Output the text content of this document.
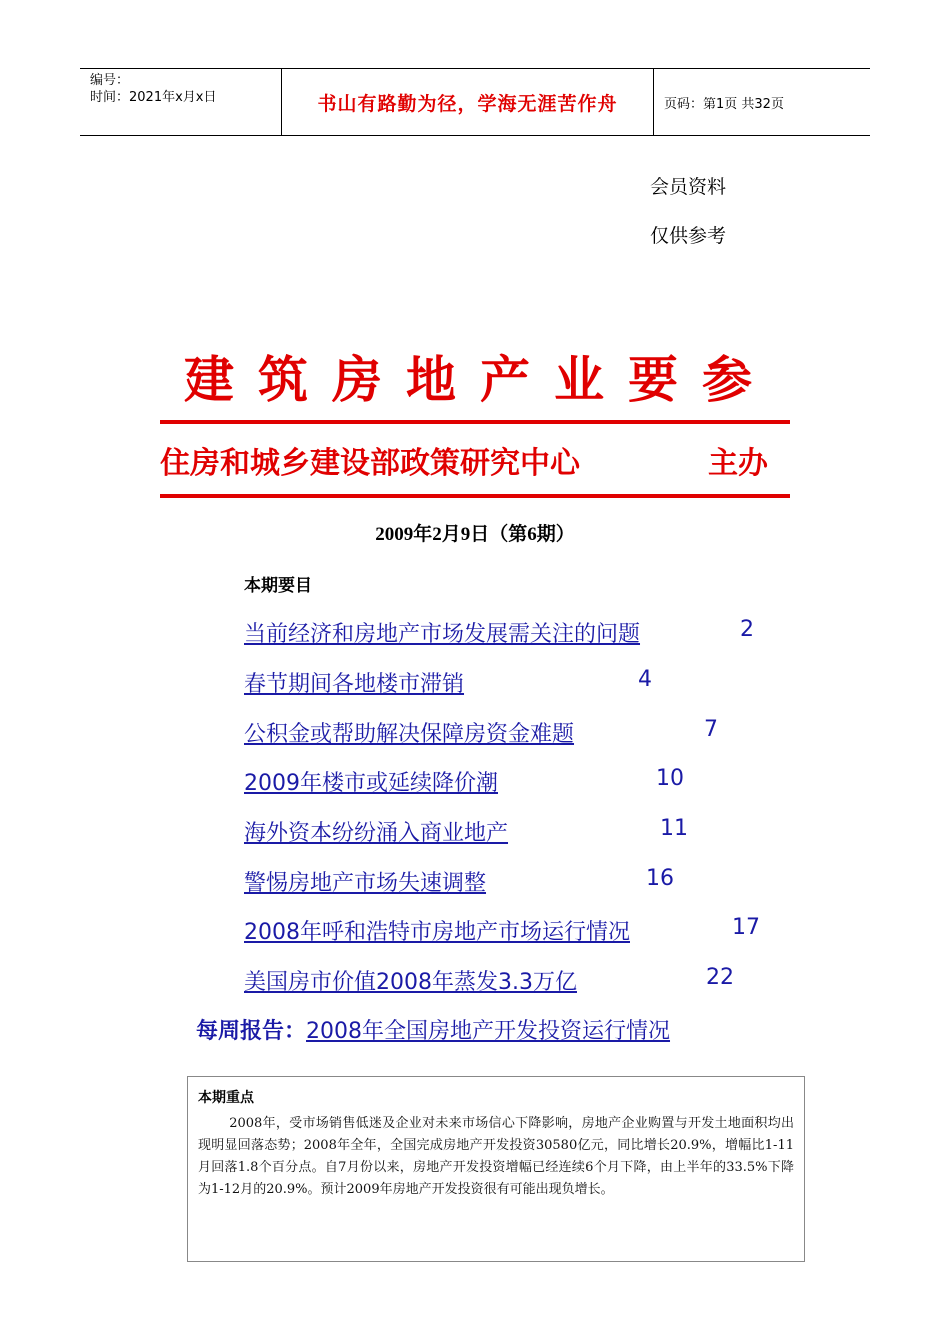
编号：
时间：2021年x月x日	书山有路勤为径，学海无涯苦作舟	页码：第1页 共32页
会员资料
仅供参考
建筑房地产业要参
住房和城乡建设部政策研究中心	主办
2009年2月9日（第6期）
本期要目
当前经济和房地产市场发展需关注的问题	2
春节期间各地楼市滞销	4
公积金或帮助解决保障房资金难题	7
2009年楼市或延续降价潮	10
海外资本纷纷涌入商业地产	11
警惕房地产市场失速调整	16
2008年呼和浩特市房地产市场运行情况	17
美国房市价值2008年蒸发3.3万亿	22
每周报告：2008年全国房地产开发投资运行情况
本期重点
2008年，受市场销售低迷及企业对未来市场信心下降影响，房地产企业购置与开发土地面积均出现明显回落态势；2008年全年，全国完成房地产开发投资30580亿元，同比增长20.9%，增幅比1-11月回落1.8个百分点。自7月份以来，房地产开发投资增幅已经连续6个月下降，由上半年的33.5%下降为1-12月的20.9%。预计2009年房地产开发投资很有可能出现负增长。
